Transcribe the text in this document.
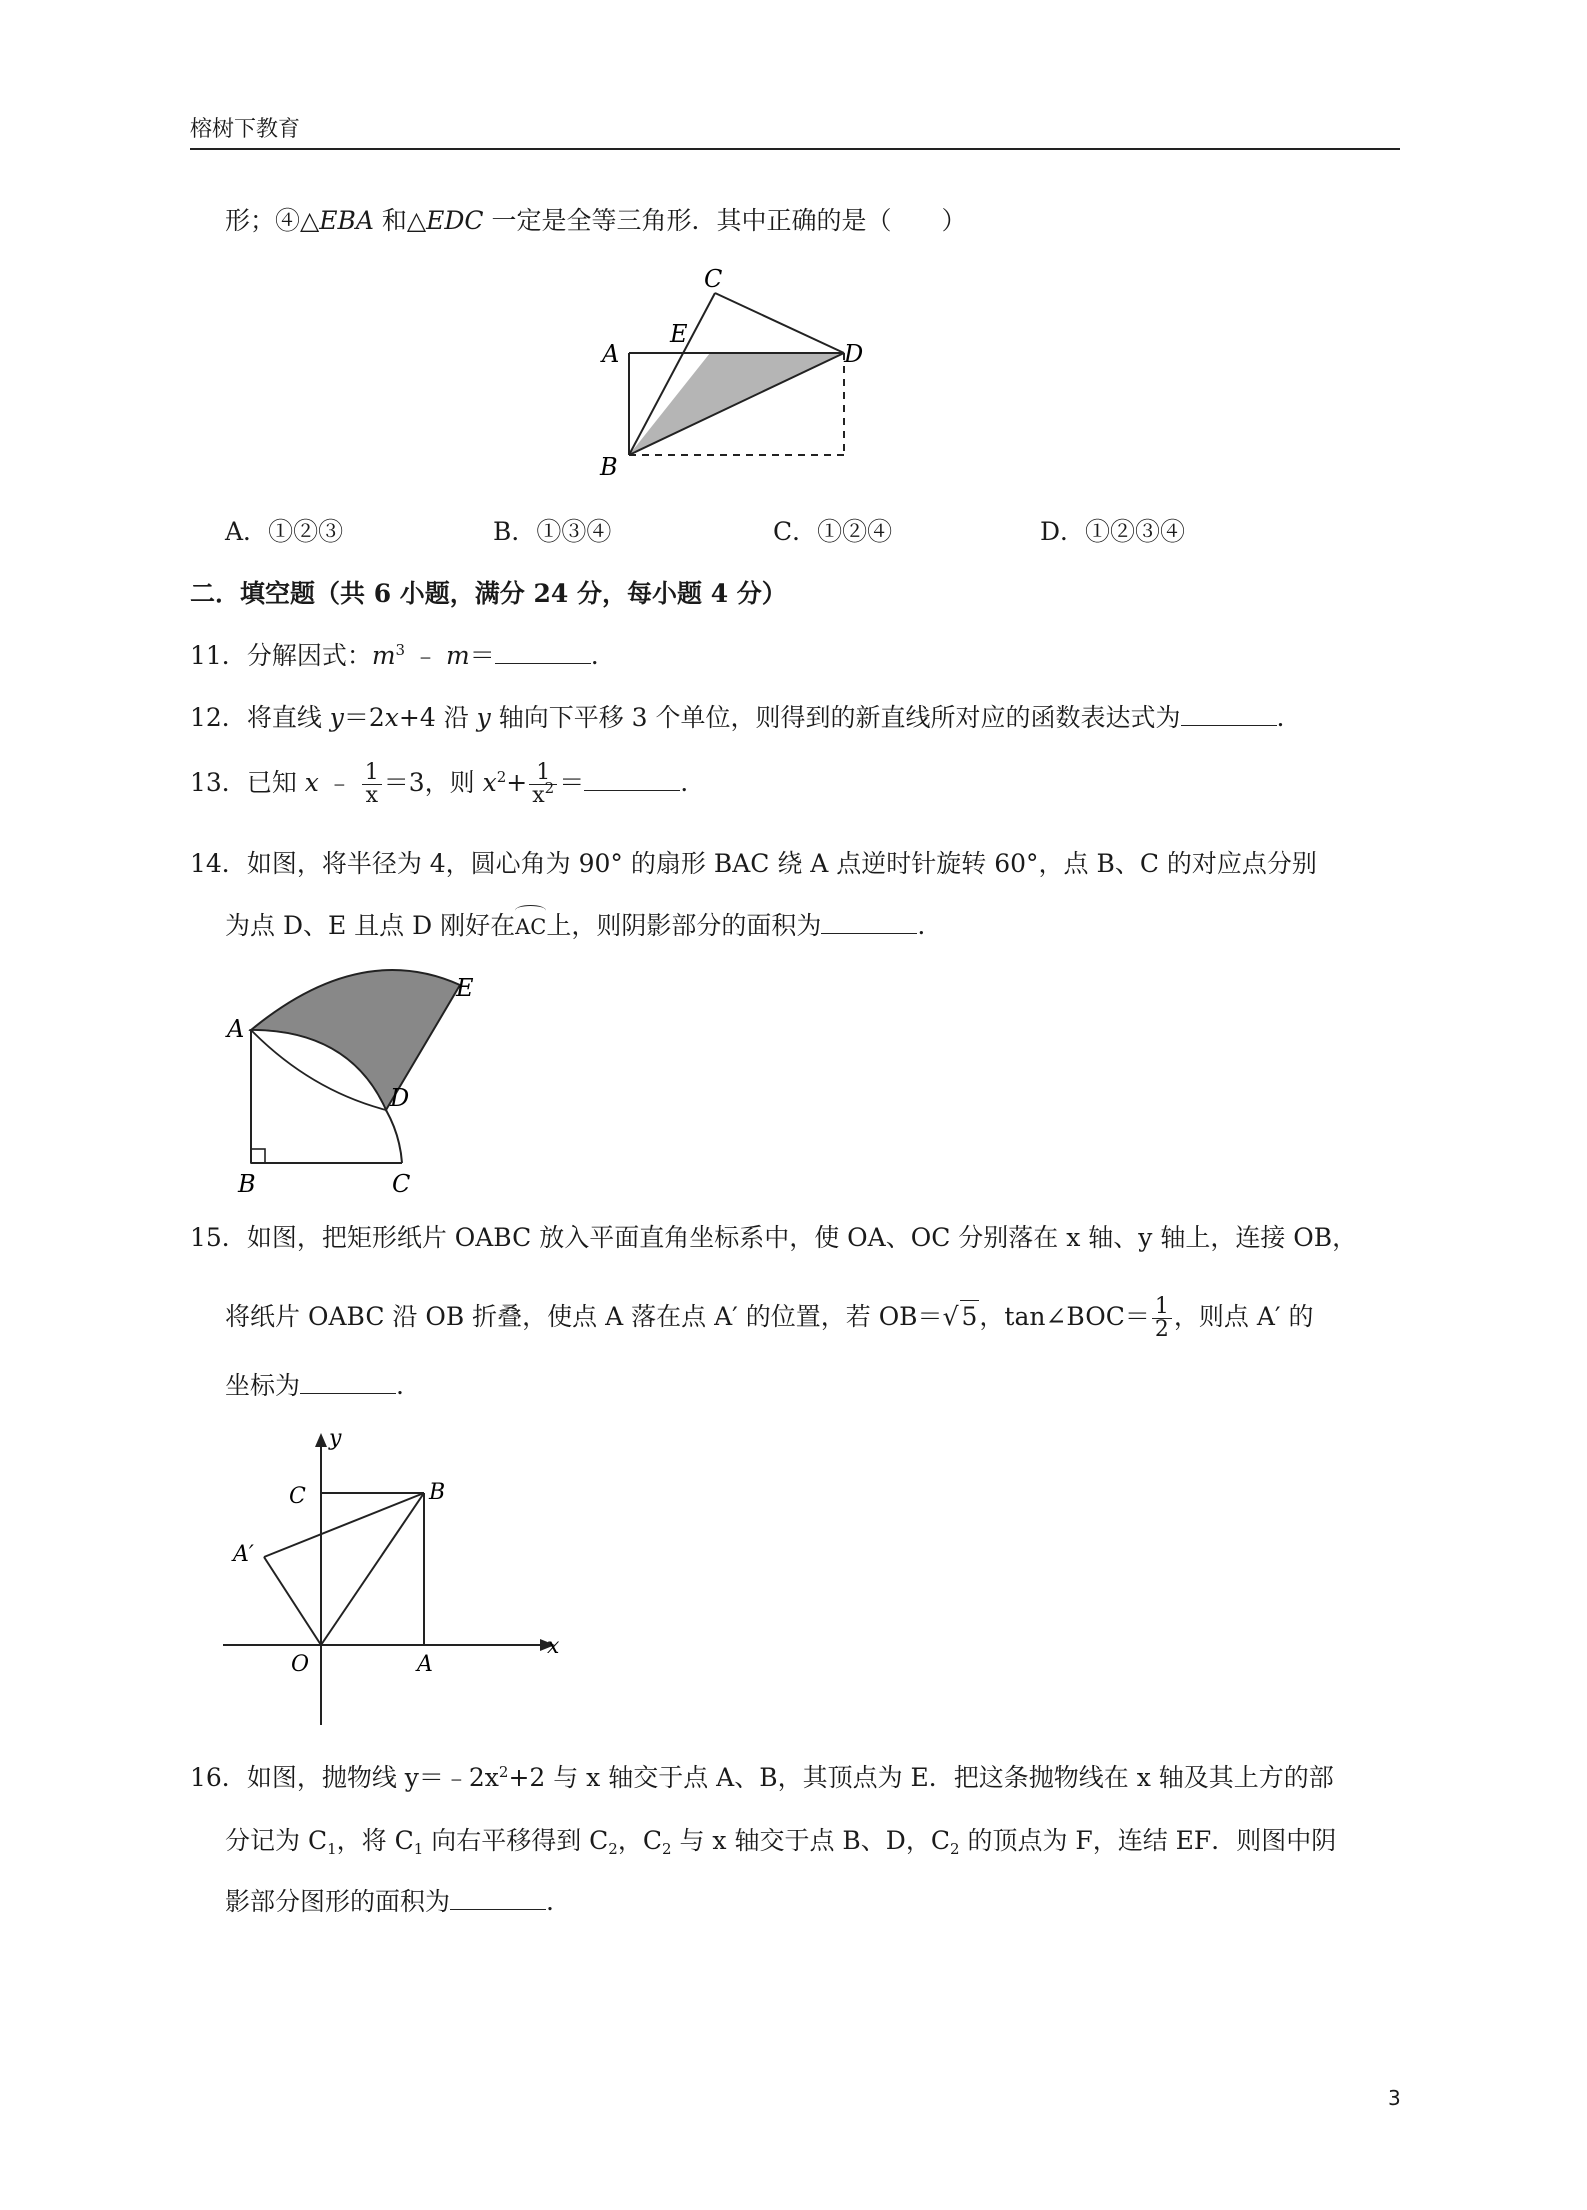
榕树下教育
形；④△EBA 和△EDC 一定是全等三角形．其中正确的是（　　）
A
B
C
D
E
A．①②③	B．①③④	C．①②④	D．①②③④
二．填空题（共 6 小题，满分 24 分，每小题 4 分）
11．分解因式：$m^3$ ﹣ m＝	.
12．将直线 y＝2x+4 沿 y 轴向下平移 3 个单位，则得到的新直线所对应的函数表达式为	.
13．已知 x ﹣ $\frac{1}{x} =3$，则 $x^2+ \frac{1}{x^2}$ ＝	.
14．如图，将半径为 4，圆心角为 90° 的扇形 BAC 绕 A 点逆时针旋转 60°，点 B、C 的对应点分别
为点 D、E 且点 D 刚好在AC上，则阴影部分的面积为	.
A
B	C
D
E
15．如图，把矩形纸片 OABC 放入平面直角坐标系中，使 OA、OC 分别落在 x 轴、y 轴上，连接 OB，
将纸片 OABC 沿 OB 折叠，使点 A 落在点 A′ 的位置，若 OB＝√ 5，tan∠BOC＝ $\frac{1}{2}$ ，则点 A′ 的
坐标为	.
y
x
C	B
A′
O	A
16．如图，抛物线 $y=﹣2x^2+2$ 与 x 轴交于点 A、B，其顶点为 E．把这条抛物线在 x 轴及其上方的部
分记为 $C_1$，将 $C_1$ 向右平移得到 $C_2$，$C_2$ 与 x 轴交于点 B、D，$C_2$ 的顶点为 F，连结 EF．则图中阴
影部分图形的面积为	.
3
